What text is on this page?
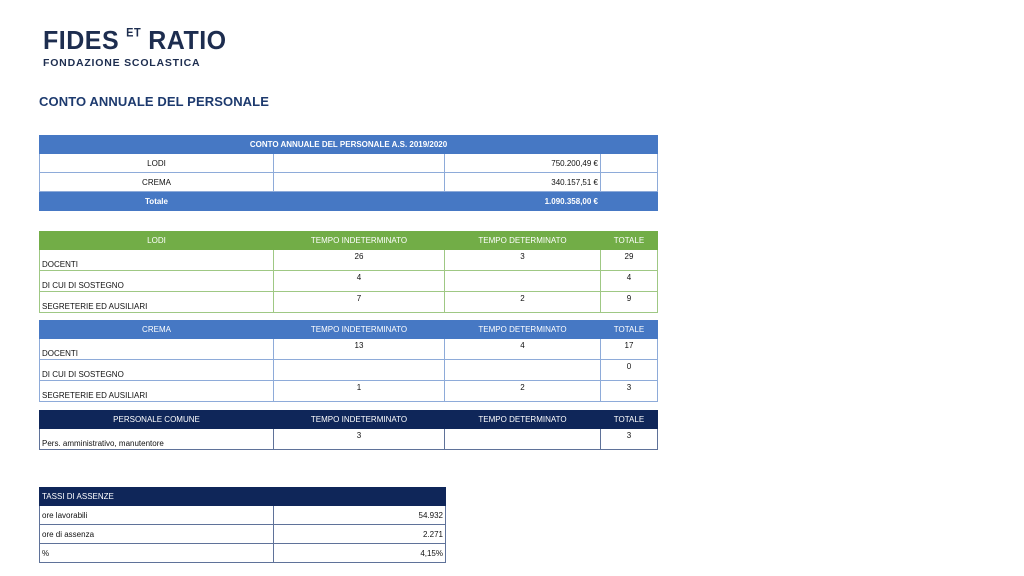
FIDES ET RATIO
FONDAZIONE SCOLASTICA
CONTO ANNUALE DEL PERSONALE
CONTO ANNUALE DEL PERSONALE A.S. 2019/2020			
LODI		750.200,49 €	
CREMA		340.157,51 €	
Totale		1.090.358,00 €	
LODI	TEMPO INDETERMINATO	TEMPO DETERMINATO	TOTALE
DOCENTI	26	3	29
DI CUI DI SOSTEGNO	4		4
SEGRETERIE ED AUSILIARI	7	2	9
CREMA	TEMPO INDETERMINATO	TEMPO DETERMINATO	TOTALE
DOCENTI	13	4	17
DI CUI DI SOSTEGNO			0
SEGRETERIE ED AUSILIARI	1	2	3
PERSONALE COMUNE	TEMPO INDETERMINATO	TEMPO DETERMINATO	TOTALE
Pers. amministrativo, manutentore	3		3
TASSI DI ASSENZE	
ore lavorabili	54.932
ore di assenza	2.271
%	4,15%
